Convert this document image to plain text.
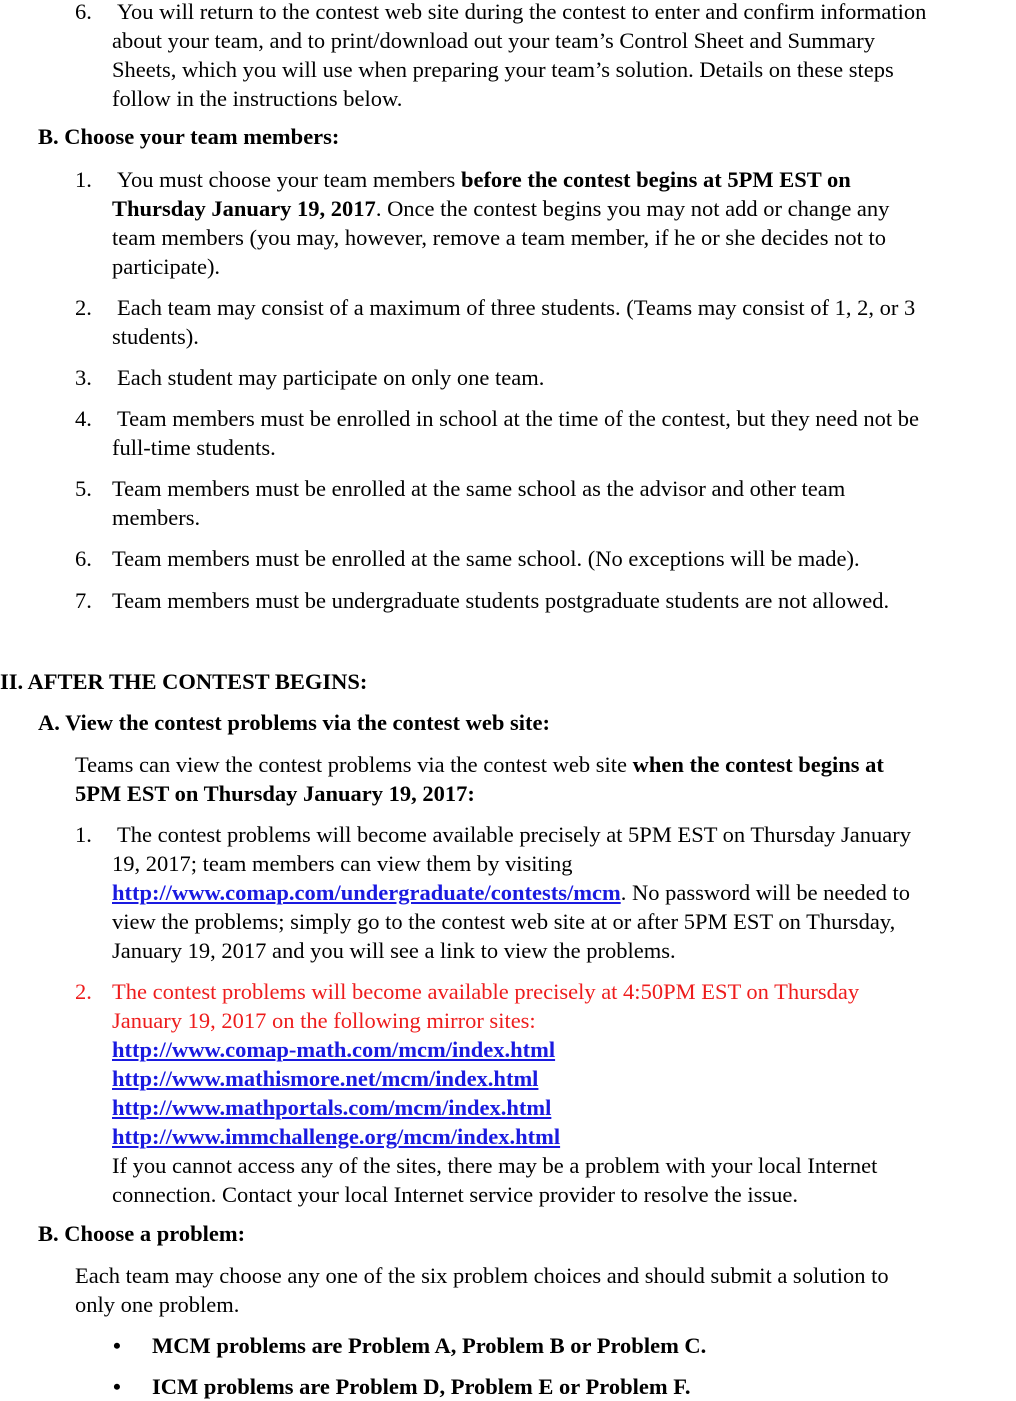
6. You will return to the contest web site during the contest to enter and confirm information
about your team, and to print/download out your team’s Control Sheet and Summary
Sheets, which you will use when preparing your team’s solution. Details on these steps
follow in the instructions below.
B. Choose your team members:
1. You must choose your team members before the contest begins at 5PM EST on
Thursday January 19, 2017. Once the contest begins you may not add or change any
team members (you may, however, remove a team member, if he or she decides not to
participate).
2. Each team may consist of a maximum of three students. (Teams may consist of 1, 2, or 3
students).
3. Each student may participate on only one team.
4. Team members must be enrolled in school at the time of the contest, but they need not be
full-time students.
5. Team members must be enrolled at the same school as the advisor and other team
members.
6. Team members must be enrolled at the same school. (No exceptions will be made).
7. Team members must be undergraduate students postgraduate students are not allowed.
II. AFTER THE CONTEST BEGINS:
A. View the contest problems via the contest web site:
Teams can view the contest problems via the contest web site when the contest begins at
5PM EST on Thursday January 19, 2017:
1. The contest problems will become available precisely at 5PM EST on Thursday January
19, 2017; team members can view them by visiting
http://www.comap.com/undergraduate/contests/mcm. No password will be needed to
view the problems; simply go to the contest web site at or after 5PM EST on Thursday,
January 19, 2017 and you will see a link to view the problems.
2. The contest problems will become available precisely at 4:50PM EST on Thursday
January 19, 2017 on the following mirror sites:
http://www.comap-math.com/mcm/index.html
http://www.mathismore.net/mcm/index.html
http://www.mathportals.com/mcm/index.html
http://www.immchallenge.org/mcm/index.html
If you cannot access any of the sites, there may be a problem with your local Internet
connection. Contact your local Internet service provider to resolve the issue.
B. Choose a problem:
Each team may choose any one of the six problem choices and should submit a solution to
only one problem.
• MCM problems are Problem A, Problem B or Problem C.
• ICM problems are Problem D, Problem E or Problem F.
